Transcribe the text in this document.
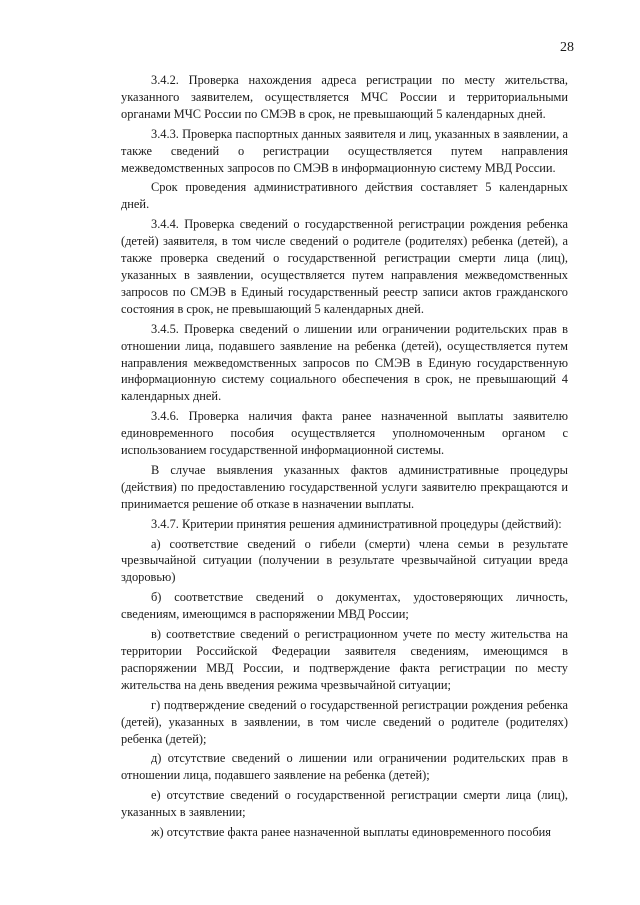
28

3.4.2. Проверка нахождения адреса регистрации по месту жительства, указанного заявителем, осуществляется МЧС России и территориальными органами МЧС России по СМЭВ в срок, не превышающий 5 календарных дней.

3.4.3. Проверка паспортных данных заявителя и лиц, указанных в заявлении, а также сведений о регистрации осуществляется путем направления межведомственных запросов по СМЭВ в информационную систему МВД России.

Срок проведения административного действия составляет 5 календарных дней.

3.4.4. Проверка сведений о государственной регистрации рождения ребенка (детей) заявителя, в том числе сведений о родителе (родителях) ребенка (детей), а также проверка сведений о государственной регистрации смерти лица (лиц), указанных в заявлении, осуществляется путем направления межведомственных запросов по СМЭВ в Единый государственный реестр записи актов гражданского состояния в срок, не превышающий 5 календарных дней.

3.4.5. Проверка сведений о лишении или ограничении родительских прав в отношении лица, подавшего заявление на ребенка (детей), осуществляется путем направления межведомственных запросов по СМЭВ в Единую государственную информационную систему социального обеспечения в срок, не превышающий 4 календарных дней.

3.4.6. Проверка наличия факта ранее назначенной выплаты заявителю единовременного пособия осуществляется уполномоченным органом с использованием государственной информационной системы.

В случае выявления указанных фактов административные процедуры (действия) по предоставлению государственной услуги заявителю прекращаются и принимается решение об отказе в назначении выплаты.

3.4.7. Критерии принятия решения административной процедуры (действий):

а) соответствие сведений о гибели (смерти) члена семьи в результате чрезвычайной ситуации (получении в результате чрезвычайной ситуации вреда здоровью)

б) соответствие сведений о документах, удостоверяющих личность, сведениям, имеющимся в распоряжении МВД России;

в) соответствие сведений о регистрационном учете по месту жительства на территории Российской Федерации заявителя сведениям, имеющимся в распоряжении МВД России, и подтверждение факта регистрации по месту жительства на день введения режима чрезвычайной ситуации;

г) подтверждение сведений о государственной регистрации рождения ребенка (детей), указанных в заявлении, в том числе сведений о родителе (родителях) ребенка (детей);

д) отсутствие сведений о лишении или ограничении родительских прав в отношении лица, подавшего заявление на ребенка (детей);

е) отсутствие сведений о государственной регистрации смерти лица (лиц), указанных в заявлении;

ж) отсутствие факта ранее назначенной выплаты единовременного пособия
